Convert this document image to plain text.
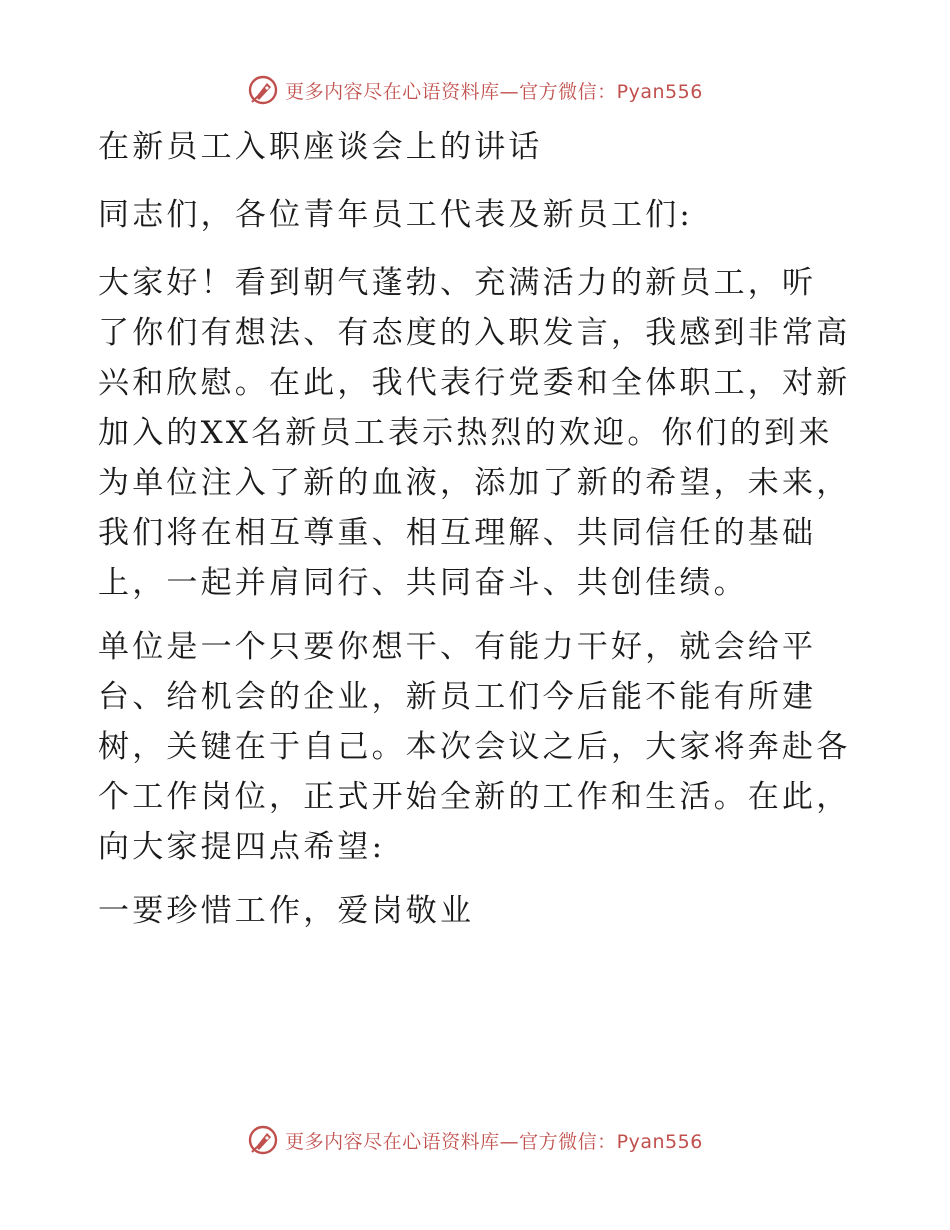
更多内容尽在心语资料库—官方微信：Pyan556

在新员工入职座谈会上的讲话

同志们，各位青年员工代表及新员工们:

大家好！看到朝气蓬勃、充满活力的新员工，听

了你们有想法、有态度的入职发言，我感到非常高

兴和欣慰。在此，我代表行党委和全体职工，对新

加入的XX名新员工表示热烈的欢迎。你们的到来

为单位注入了新的血液，添加了新的希望，未来，

我们将在相互尊重、相互理解、共同信任的基础

上，一起并肩同行、共同奋斗、共创佳绩。

单位是一个只要你想干、有能力干好，就会给平

台、给机会的企业，新员工们今后能不能有所建

树，关键在于自己。本次会议之后，大家将奔赴各

个工作岗位，正式开始全新的工作和生活。在此，

向大家提四点希望:

一要珍惜工作，爱岗敬业

更多内容尽在心语资料库—官方微信：Pyan556
